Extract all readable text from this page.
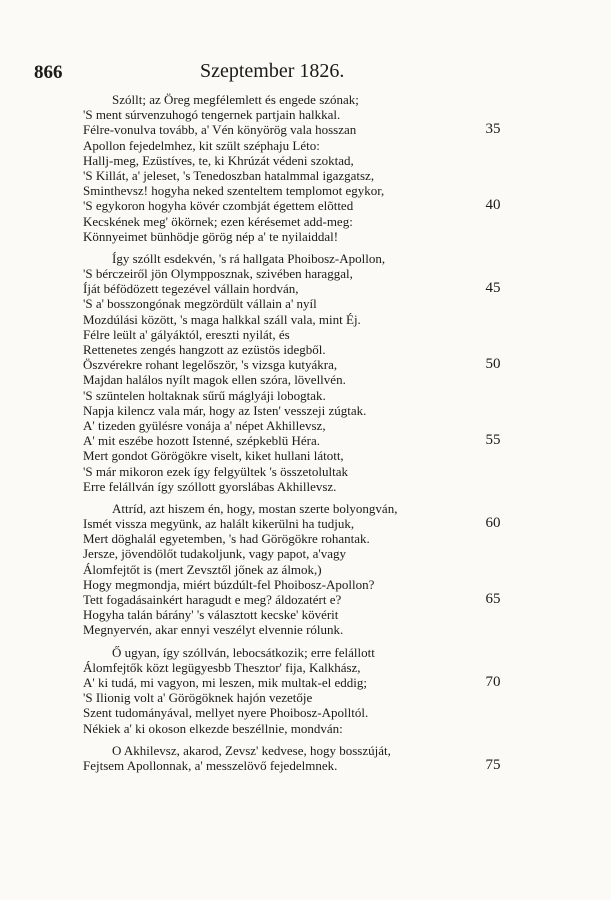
866	Szeptember 1826.
Szóllt; az Öreg megfélemlett és engede szónak;
'S ment súrvenzuhogó tengernek partjain halkkal.
Félre-vonulva tovább, a' Vén könyörög vala hosszan	35
Apollon fejedelmhez, kit szült széphaju Léto:
Hallj-meg, Ezüstíves, te, ki Khrúzát védeni szoktad,
'S Killát, a' jeleset, 's Tenedoszban hatalmmal igazgatsz,
Sminthevsz! hogyha neked szenteltem templomot egykor,
'S egykoron hogyha kövér czombját égettem elõtted	40
Kecskének meg' ökörnek; ezen kérésemet add-meg:
Könnyeimet bünhödje görög nép a' te nyilaiddal!
Így szóllt esdekvén, 's rá hallgata Phoibosz-Apollon,
'S bérczeiről jön Olympposznak, szivében haraggal,
Íját béfödözett tegezével vállain hordván,	45
'S a' bosszongónak megzördült vállain a' nyíl
Mozdúlási között, 's maga halkkal száll vala, mint Éj.
Félre leült a' gályáktól, ereszti nyilát, és
Rettenetes zengés hangzott az ezüstös idegből.
Öszvérekre rohant legelőször, 's vizsga kutyákra,	50
Majdan halálos nyílt magok ellen szóra, lövellvén.
'S szüntelen holtaknak sűrű máglyáji lobogtak.
Napja kilencz vala már, hogy az Isten' vesszeji zúgtak.
A' tizeden gyülésre vonája a' népet Akhillevsz,
A' mit eszébe hozott Istenné, szépkeblü Héra.	55
Mert gondot Görögökre viselt, kiket hullani látott,
'S már mikoron ezek így felgyültek 's összetolultak
Erre felállván így szóllott gyorslábas Akhillevsz.
Attríd, azt hiszem én, hogy, mostan szerte bolyongván,
Ismét vissza megyünk, az halált kikerülni ha tudjuk,	60
Mert döghalál egyetemben, 's had Görögökre rohantak.
Jersze, jövendölőt tudakoljunk, vagy papot, a'vagy
Álomfejtőt is (mert Zevsztől jőnek az álmok,)
Hogy megmondja, miért búzdúlt-fel Phoibosz-Apollon?
Tett fogadásainkért haragudt e meg? áldozatért e?	65
Hogyha talán bárány' 's választott kecske' kövérit
Megnyervén, akar ennyi veszélyt elvennie rólunk.
Ő ugyan, így szóllván, lebocsátkozik; erre felállott
Álomfejtők közt legügyesbb Thesztor' fija, Kalkhász,
A' ki tudá, mi vagyon, mi leszen, mik multak-el eddig;	70
'S Ilionig volt a' Görögöknek hajón vezetője
Szent tudományával, mellyet nyere Phoibosz-Apolltól.
Nékiek a' ki okoson elkezde beszéllnie, mondván:
O Akhilevsz, akarod, Zevsz' kedvese, hogy bosszúját,
Fejtsem Apollonnak, a' messzelövő fejedelmnek.	75
